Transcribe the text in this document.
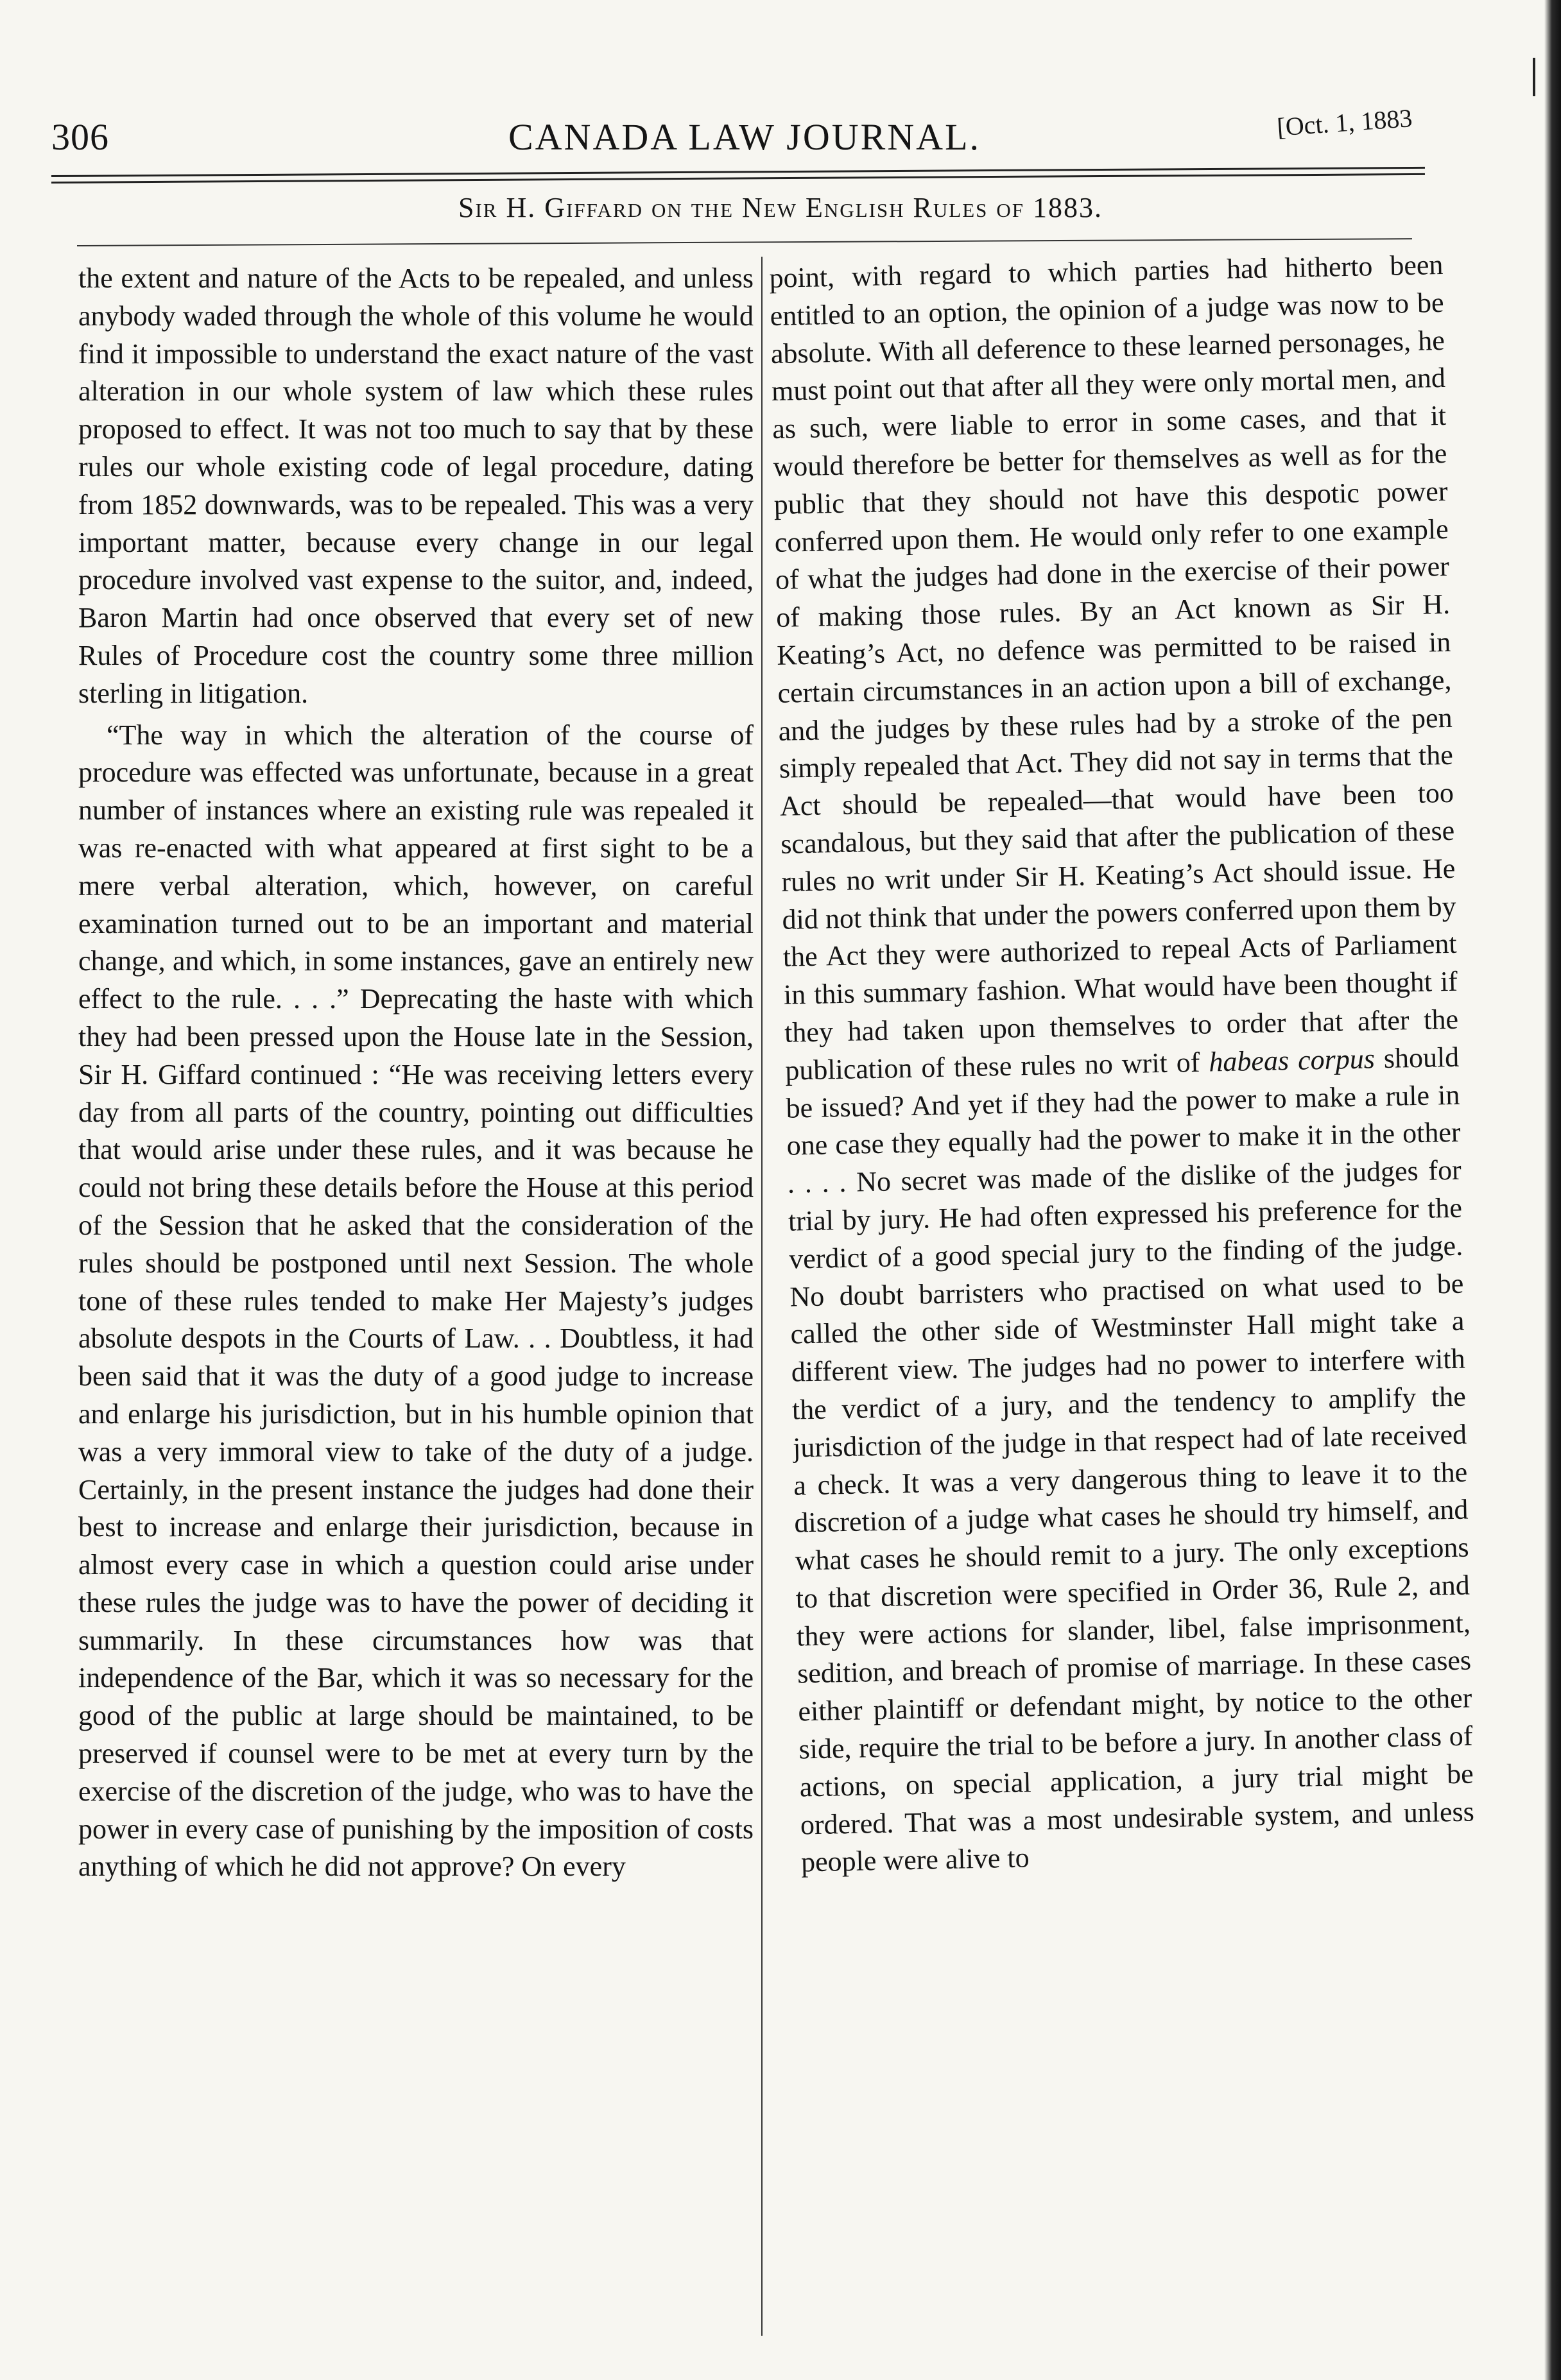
306	CANADA LAW JOURNAL.	[Oct. 1, 1883
Sir H. Giffard on the New English Rules of 1883.

the extent and nature of the Acts to be repealed, and unless anybody waded through the whole of this volume he would find it impossible to understand the exact nature of the vast alteration in our whole system of law which these rules proposed to effect. It was not too much to say that by these rules our whole existing code of legal procedure, dating from 1852 downwards, was to be repealed. This was a very important matter, because every change in our legal procedure involved vast expense to the suitor, and, indeed, Baron Martin had once observed that every set of new Rules of Procedure cost the country some three million sterling in litigation.

“The way in which the alteration of the course of procedure was effected was unfortunate, because in a great number of instances where an existing rule was repealed it was re-enacted with what appeared at first sight to be a mere verbal alteration, which, however, on careful examination turned out to be an important and material change, and which, in some instances, gave an entirely new effect to the rule. . . .” Deprecating the haste with which they had been pressed upon the House late in the Session, Sir H. Giffard continued : “He was receiving letters every day from all parts of the country, pointing out difficulties that would arise under these rules, and it was because he could not bring these details before the House at this period of the Session that he asked that the consideration of the rules should be postponed until next Session. The whole tone of these rules tended to make Her Majesty’s judges absolute despots in the Courts of Law. . . Doubtless, it had been said that it was the duty of a good judge to increase and enlarge his jurisdiction, but in his humble opinion that was a very immoral view to take of the duty of a judge. Certainly, in the present instance the judges had done their best to increase and enlarge their jurisdiction, because in almost every case in which a question could arise under these rules the judge was to have the power of deciding it summarily. In these circumstances how was that independence of the Bar, which it was so necessary for the good of the public at large should be maintained, to be preserved if counsel were to be met at every turn by the exercise of the discretion of the judge, who was to have the power in every case of punishing by the imposition of costs anything of which he did not approve? On every

point, with regard to which parties had hitherto been entitled to an option, the opinion of a judge was now to be absolute. With all deference to these learned personages, he must point out that after all they were only mortal men, and as such, were liable to error in some cases, and that it would therefore be better for themselves as well as for the public that they should not have this despotic power conferred upon them. He would only refer to one example of what the judges had done in the exercise of their power of making those rules. By an Act known as Sir H. Keating’s Act, no defence was permitted to be raised in certain circumstances in an action upon a bill of exchange, and the judges by these rules had by a stroke of the pen simply repealed that Act. They did not say in terms that the Act should be repealed—that would have been too scandalous, but they said that after the publication of these rules no writ under Sir H. Keating’s Act should issue. He did not think that under the powers conferred upon them by the Act they were authorized to repeal Acts of Parliament in this summary fashion. What would have been thought if they had taken upon themselves to order that after the publication of these rules no writ of habeas corpus should be issued? And yet if they had the power to make a rule in one case they equally had the power to make it in the other . . . . No secret was made of the dislike of the judges for trial by jury. He had often expressed his preference for the verdict of a good special jury to the finding of the judge. No doubt barristers who practised on what used to be called the other side of Westminster Hall might take a different view. The judges had no power to interfere with the verdict of a jury, and the tendency to amplify the jurisdiction of the judge in that respect had of late received a check. It was a very dangerous thing to leave it to the discretion of a judge what cases he should try himself, and what cases he should remit to a jury. The only exceptions to that discretion were specified in Order 36, Rule 2, and they were actions for slander, libel, false imprisonment, sedition, and breach of promise of marriage. In these cases either plaintiff or defendant might, by notice to the other side, require the trial to be before a jury. In another class of actions, on special application, a jury trial might be ordered. That was a most undesirable system, and unless people were alive to
